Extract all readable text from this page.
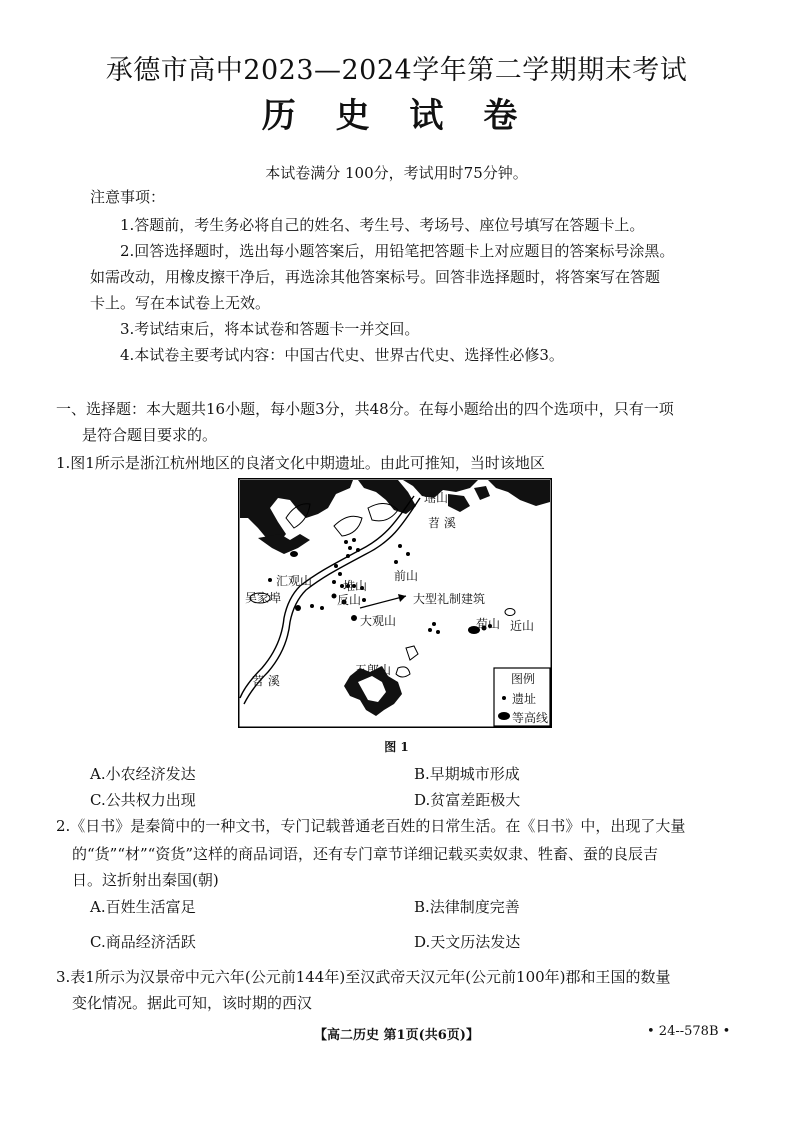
承德市高中2023—2024学年第二学期期末考试
历 史 试 卷
本试卷满分 100分，考试用时75分钟。
注意事项：
1.答题前，考生务必将自己的姓名、考生号、考场号、座位号填写在答题卡上。
2.回答选择题时，选出每小题答案后，用铅笔把答题卡上对应题目的答案标号涂黑。
如需改动，用橡皮擦干净后，再选涂其他答案标号。回答非选择题时，将答案写在答题
卡上。写在本试卷上无效。
3.考试结束后，将本试卷和答题卡一并交回。
4.本试卷主要考试内容：中国古代史、世界古代史、选择性必修3。
一、选择题：本大题共16小题，每小题3分，共48分。在每小题给出的四个选项中，只有一项
是符合题目要求的。
1.图1所示是浙江杭州地区的良渚文化中期遗址。由此可推知，当时该地区
瑶山
苕 溪
汇观山	堆山
前山
吴家埠	反山	大型礼制建筑
大观山	荀山 近山
五郎山
苕 溪	图例
遗址
等高线
图 1
A.小农经济发达	B.早期城市形成
C.公共权力出现	D.贫富差距极大
2.《日书》是秦简中的一种文书，专门记载普通老百姓的日常生活。在《日书》中，出现了大量
的“货”“材”“资货”这样的商品词语，还有专门章节详细记载买卖奴隶、牲畜、蚕的良辰吉
日。这折射出秦国(朝)
A.百姓生活富足	B.法律制度完善
C.商品经济活跃	D.天文历法发达
3.表1所示为汉景帝中元六年(公元前144年)至汉武帝天汉元年(公元前100年)郡和王国的数量
变化情况。据此可知，该时期的西汉
【高二历史 第1页(共6页)】	• 24--578B •
